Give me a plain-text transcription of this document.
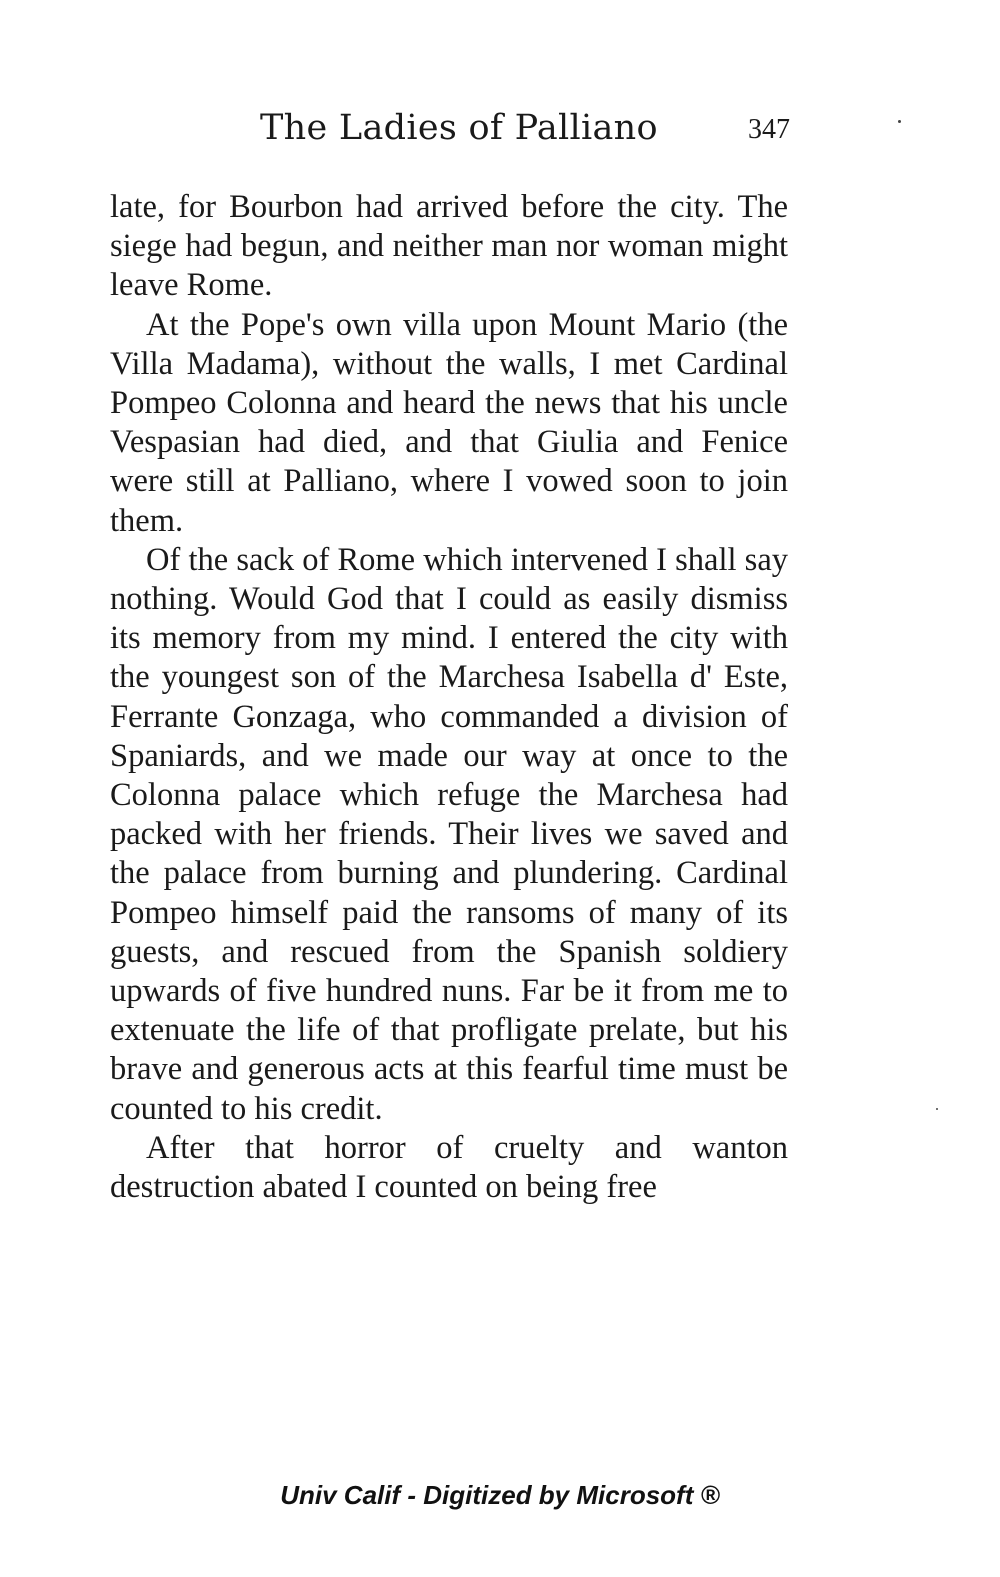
The Ladies of Palliano	347

late, for Bourbon had arrived before the city. The siege had begun, and neither man nor woman might leave Rome.

At the Pope's own villa upon Mount Mario (the Villa Madama), without the walls, I met Cardinal Pompeo Colonna and heard the news that his uncle Vespasian had died, and that Giulia and Fenice were still at Palliano, where I vowed soon to join them.

Of the sack of Rome which intervened I shall say nothing. Would God that I could as easily dismiss its memory from my mind. I entered the city with the youngest son of the Marchesa Isabella d' Este, Ferrante Gonzaga, who commanded a division of Spaniards, and we made our way at once to the Colonna palace which refuge the Marchesa had packed with her friends. Their lives we saved and the palace from burning and plundering. Cardinal Pompeo himself paid the ransoms of many of its guests, and rescued from the Spanish soldiery upwards of five hundred nuns. Far be it from me to extenuate the life of that profligate prelate, but his brave and generous acts at this fearful time must be counted to his credit.

After that horror of cruelty and wanton destruction abated I counted on being free

Univ Calif - Digitized by Microsoft ®
